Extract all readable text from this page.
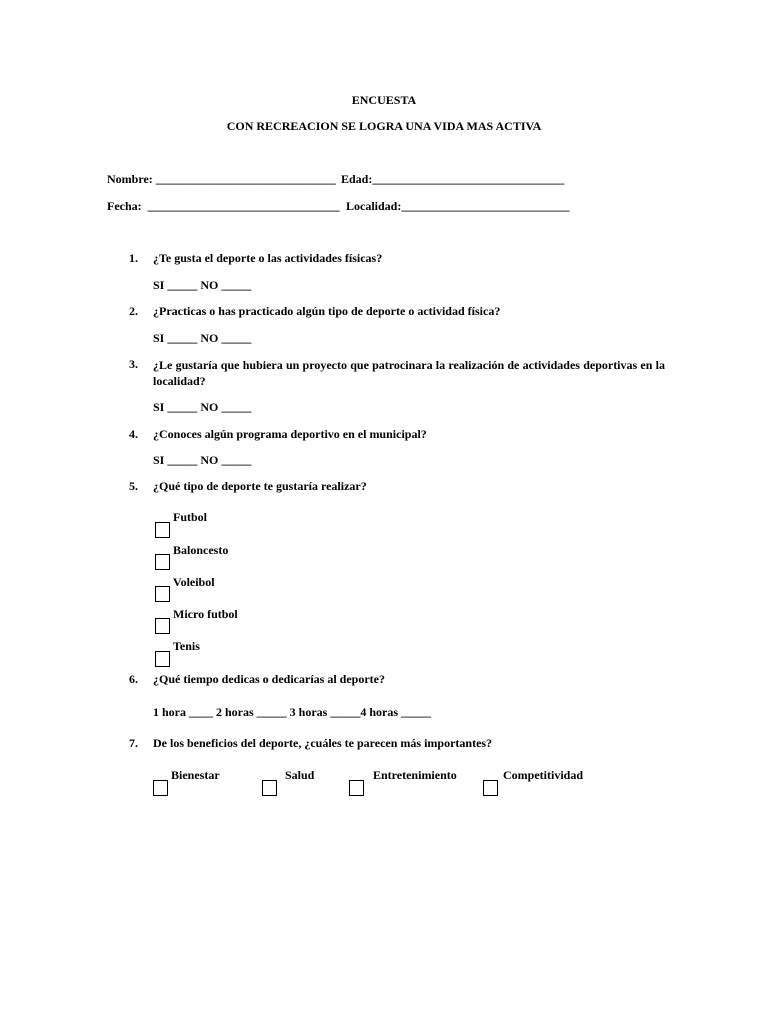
ENCUESTA
CON RECREACION SE LOGRA UNA VIDA MAS ACTIVA
Nombre: ______________________________ Edad:________________________________
Fecha:  ________________________________ Localidad:____________________________
1. ¿Te gusta el deporte o las actividades físicas?
SI _____ NO _____
2. ¿Practicas o has practicado algún tipo de deporte o actividad física?
SI _____ NO _____
3. ¿Le gustaría que hubiera un proyecto que patrocinara la realización de actividades deportivas en la localidad?
SI _____ NO _____
4. ¿Conoces algún programa deportivo en el municipal?
SI _____ NO _____
5. ¿Qué tipo de deporte te gustaría realizar?
Futbol
Baloncesto
Voleibol
Micro futbol
Tenis
6. ¿Qué tiempo dedicas o dedicarías al deporte?
1 hora ____ 2 horas _____ 3 horas _____4 horas _____
7. De los beneficios del deporte, ¿cuáles te parecen más importantes?
Bienestar	Salud	Entretenimiento	Competitividad
